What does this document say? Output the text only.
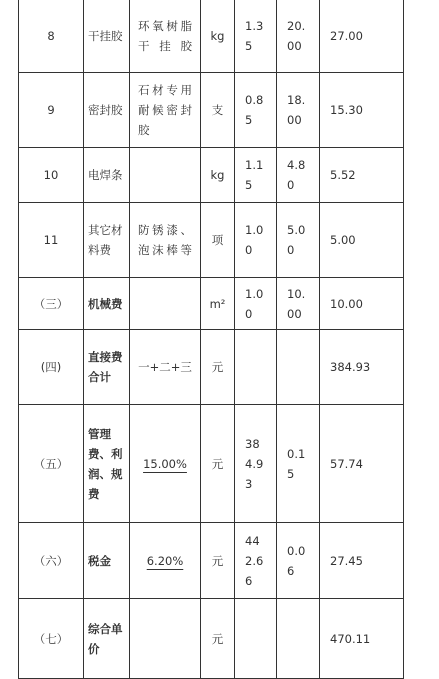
8	干挂胶	环氧树脂干挂胶	kg	1.35	20.00	27.00
9	密封胶	石材专用耐候密封胶	支	0.85	18.00	15.30
10	电焊条		kg	1.15	4.80	5.52
11	其它材料费	防锈漆、泡沫棒等	项	1.00	5.00	5.00
（三）	机械费		m²	1.00	10.00	10.00
(四)	直接费合计	一+二+三	元			384.93
（五）	管理费、利润、规费	15.00%	元	384.93	0.15	57.74
（六）	税金	6.20%	元	442.66	0.06	27.45
（七）	综合单价		元			470.11
